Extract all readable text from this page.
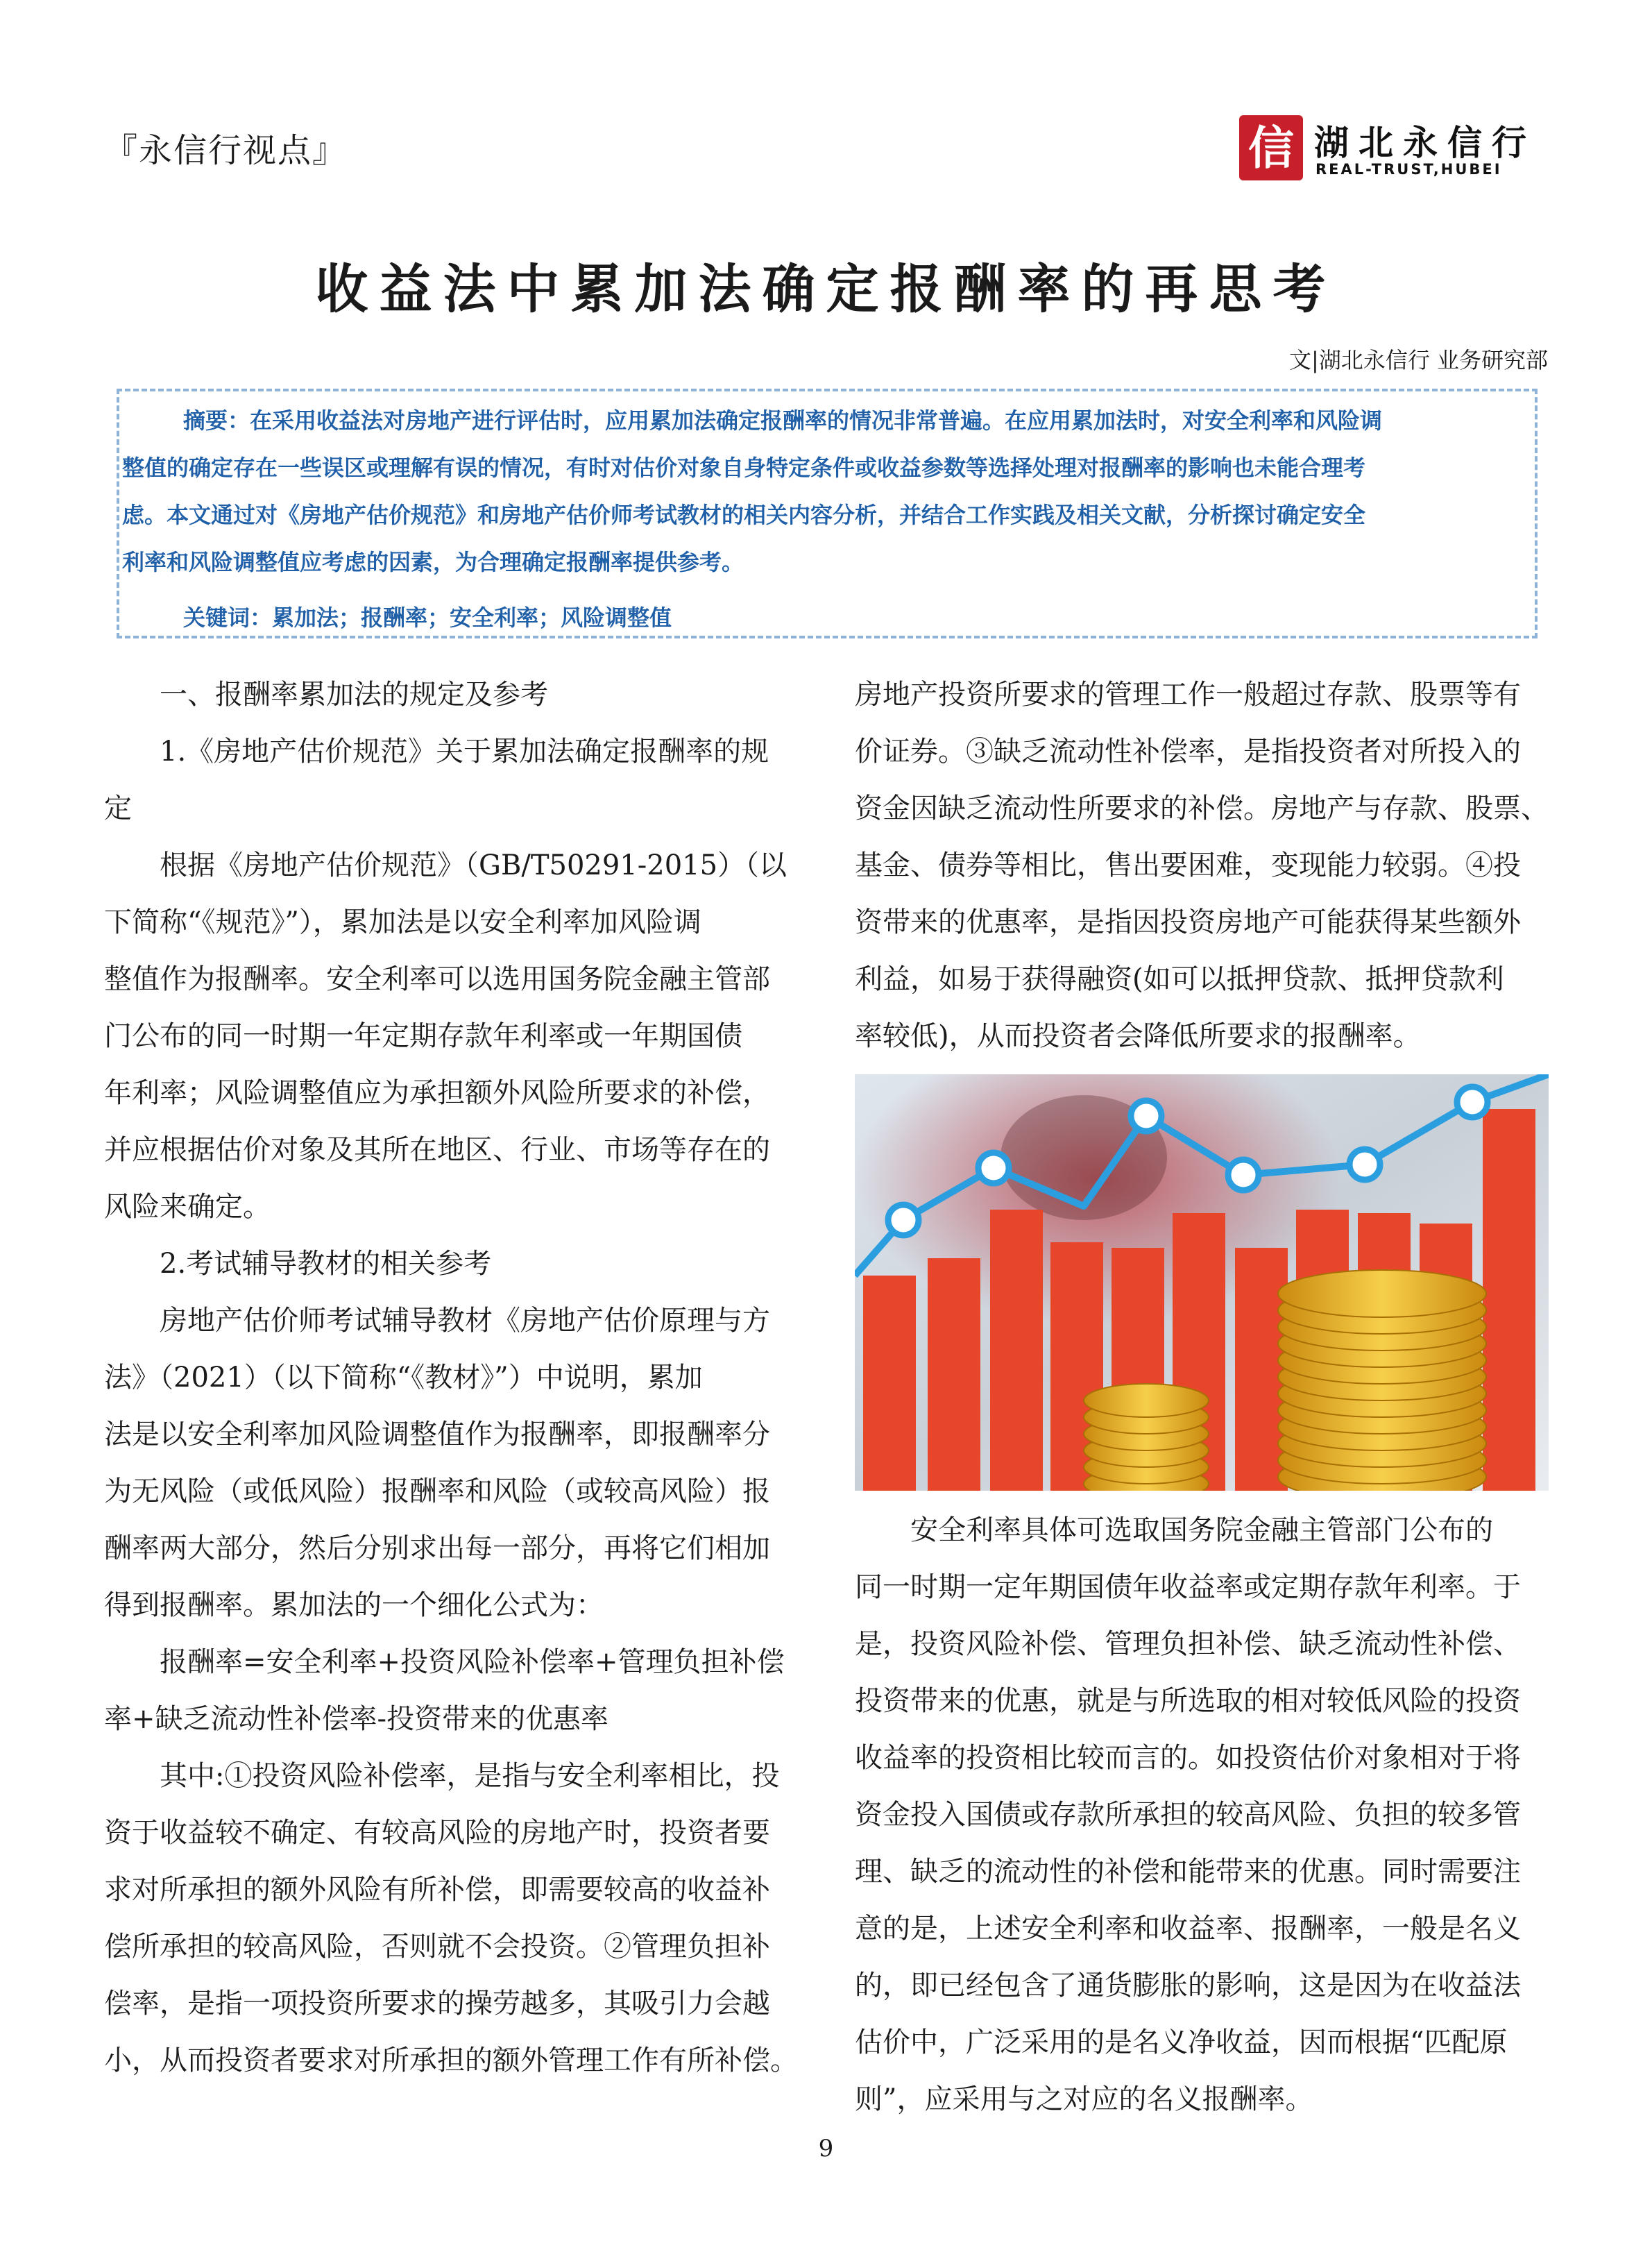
『永信行视点』	信 湖北永信行
REAL-TRUST,HUBEI
收益法中累加法确定报酬率的再思考
文|湖北永信行 业务研究部
摘要：在采用收益法对房地产进行评估时，应用累加法确定报酬率的情况非常普遍。在应用累加法时，对安全利率和风险调
整值的确定存在一些误区或理解有误的情况，有时对估价对象自身特定条件或收益参数等选择处理对报酬率的影响也未能合理考
虑。本文通过对《房地产估价规范》和房地产估价师考试教材的相关内容分析，并结合工作实践及相关文献，分析探讨确定安全
利率和风险调整值应考虑的因素，为合理确定报酬率提供参考。
关键词：累加法；报酬率；安全利率；风险调整值
一、报酬率累加法的规定及参考
1.《房地产估价规范》关于累加法确定报酬率的规
定
根据《房地产估价规范》（GB/T50291-2015）（以
下简称“《规范》”），累加法是以安全利率加风险调
整值作为报酬率。安全利率可以选用国务院金融主管部
门公布的同一时期一年定期存款年利率或一年期国债
年利率；风险调整值应为承担额外风险所要求的补偿，
并应根据估价对象及其所在地区、行业、市场等存在的
风险来确定。
2.考试辅导教材的相关参考
房地产估价师考试辅导教材《房地产估价原理与方
法》（2021）（以下简称“《教材》”）中说明，累加
法是以安全利率加风险调整值作为报酬率，即报酬率分
为无风险（或低风险）报酬率和风险（或较高风险）报
酬率两大部分，然后分别求出每一部分，再将它们相加
得到报酬率。累加法的一个细化公式为：
报酬率=安全利率+投资风险补偿率+管理负担补偿
率+缺乏流动性补偿率-投资带来的优惠率
其中:①投资风险补偿率，是指与安全利率相比，投
资于收益较不确定、有较高风险的房地产时，投资者要
求对所承担的额外风险有所补偿，即需要较高的收益补
偿所承担的较高风险，否则就不会投资。②管理负担补
偿率，是指一项投资所要求的操劳越多，其吸引力会越
小，从而投资者要求对所承担的额外管理工作有所补偿。
房地产投资所要求的管理工作一般超过存款、股票等有
价证券。③缺乏流动性补偿率，是指投资者对所投入的
资金因缺乏流动性所要求的补偿。房地产与存款、股票、
基金、债券等相比，售出要困难，变现能力较弱。④投
资带来的优惠率，是指因投资房地产可能获得某些额外
利益，如易于获得融资(如可以抵押贷款、抵押贷款利
率较低)，从而投资者会降低所要求的报酬率。
安全利率具体可选取国务院金融主管部门公布的
同一时期一定年期国债年收益率或定期存款年利率。于
是，投资风险补偿、管理负担补偿、缺乏流动性补偿、
投资带来的优惠，就是与所选取的相对较低风险的投资
收益率的投资相比较而言的。如投资估价对象相对于将
资金投入国债或存款所承担的较高风险、负担的较多管
理、缺乏的流动性的补偿和能带来的优惠。同时需要注
意的是，上述安全利率和收益率、报酬率，一般是名义
的，即已经包含了通货膨胀的影响，这是因为在收益法
估价中，广泛采用的是名义净收益，因而根据“匹配原
则”，应采用与之对应的名义报酬率。
9
